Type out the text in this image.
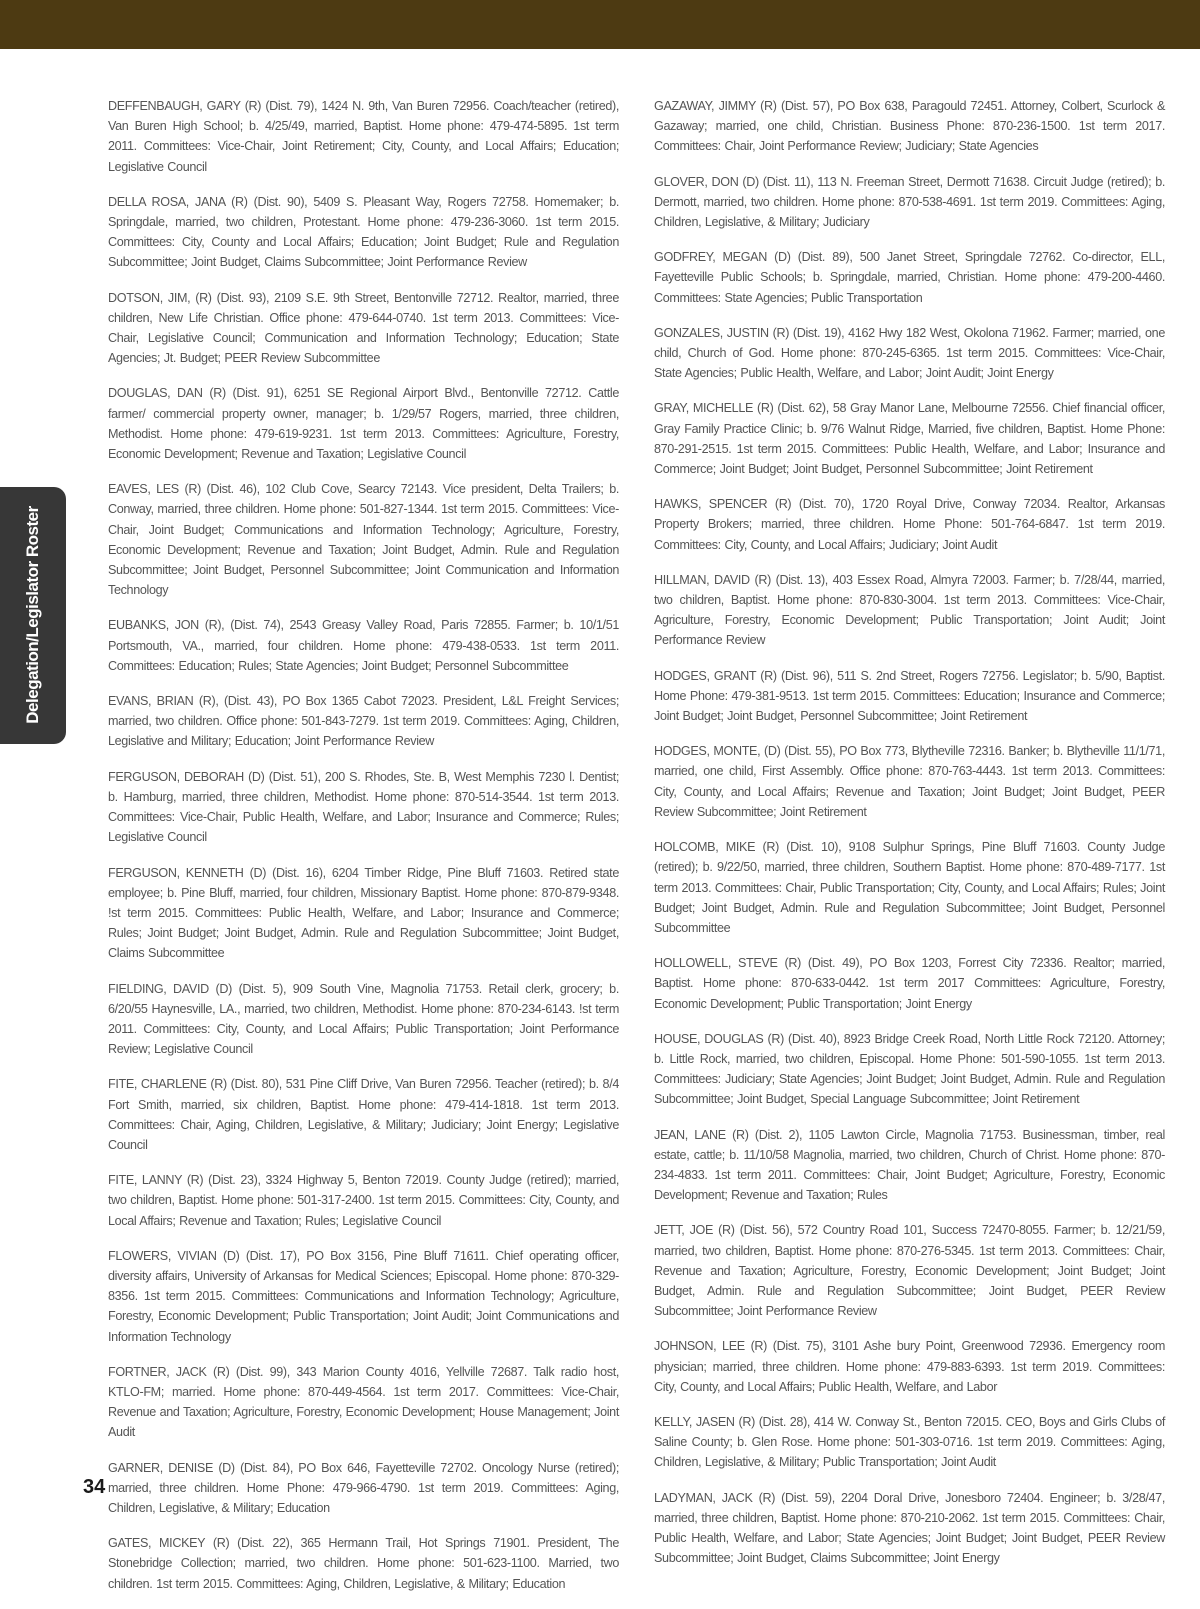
Delegation/Legislator Roster

DEFFENBAUGH, GARY (R) (Dist. 79), 1424 N. 9th, Van Buren 72956. Coach/teacher (retired), Van Buren High School; b. 4/25/49, married, Baptist. Home phone: 479-474-5895. 1st term 2011. Committees: Vice-Chair, Joint Retirement; City, County, and Local Affairs; Education; Legislative Council

DELLA ROSA, JANA (R) (Dist. 90), 5409 S. Pleasant Way, Rogers 72758. Homemaker; b. Springdale, married, two children, Protestant. Home phone: 479-236-3060. 1st term 2015. Committees: City, County and Local Affairs; Education; Joint Budget; Rule and Regulation Subcommittee; Joint Budget, Claims Subcommittee; Joint Performance Review

DOTSON, JIM, (R) (Dist. 93), 2109 S.E. 9th Street, Bentonville 72712. Realtor, married, three children, New Life Christian. Office phone: 479-644-0740. 1st term 2013. Committees: Vice-Chair, Legislative Council; Communication and Information Technology; Education; State Agencies; Jt. Budget; PEER Review Subcommittee

DOUGLAS, DAN (R) (Dist. 91), 6251 SE Regional Airport Blvd., Bentonville 72712. Cattle farmer/ commercial property owner, manager; b. 1/29/57 Rogers, married, three children, Methodist. Home phone: 479-619-9231. 1st term 2013. Committees: Agriculture, Forestry, Economic Development; Revenue and Taxation; Legislative Council

EAVES, LES (R) (Dist. 46), 102 Club Cove, Searcy 72143. Vice president, Delta Trailers; b. Conway, married, three children. Home phone: 501-827-1344. 1st term 2015. Committees: Vice-Chair, Joint Budget; Communications and Information Technology; Agriculture, Forestry, Economic Development; Revenue and Taxation; Joint Budget, Admin. Rule and Regulation Subcommittee; Joint Budget, Personnel Subcommittee; Joint Communication and Information Technology

EUBANKS, JON (R), (Dist. 74), 2543 Greasy Valley Road, Paris 72855. Farmer; b. 10/1/51 Portsmouth, VA., married, four children. Home phone: 479-438-0533. 1st term 2011. Committees: Education; Rules; State Agencies; Joint Budget; Personnel Subcommittee

EVANS, BRIAN (R), (Dist. 43), PO Box 1365 Cabot 72023. President, L&L Freight Services; married, two children. Office phone: 501-843-7279. 1st term 2019. Committees: Aging, Children, Legislative and Military; Education; Joint Performance Review

FERGUSON, DEBORAH (D) (Dist. 51), 200 S. Rhodes, Ste. B, West Memphis 7230 l. Dentist; b. Hamburg, married, three children, Methodist. Home phone: 870-514-3544. 1st term 2013. Committees: Vice-Chair, Public Health, Welfare, and Labor; Insurance and Commerce; Rules; Legislative Council

FERGUSON, KENNETH (D) (Dist. 16), 6204 Timber Ridge, Pine Bluff 71603. Retired state employee; b. Pine Bluff, married, four children, Missionary Baptist. Home phone: 870-879-9348. !st term 2015. Committees: Public Health, Welfare, and Labor; Insurance and Commerce; Rules; Joint Budget; Joint Budget, Admin. Rule and Regulation Subcommittee; Joint Budget, Claims Subcommittee

FIELDING, DAVID (D) (Dist. 5), 909 South Vine, Magnolia 71753. Retail clerk, grocery; b. 6/20/55 Haynesville, LA., married, two children, Methodist. Home phone: 870-234-6143. !st term 2011. Committees: City, County, and Local Affairs; Public Transportation; Joint Performance Review; Legislative Council

FITE, CHARLENE (R) (Dist. 80), 531 Pine Cliff Drive, Van Buren 72956. Teacher (retired); b. 8/4 Fort Smith, married, six children, Baptist. Home phone: 479-414-1818. 1st term 2013. Committees: Chair, Aging, Children, Legislative, & Military; Judiciary; Joint Energy; Legislative Council

FITE, LANNY (R) (Dist. 23), 3324 Highway 5, Benton 72019. County Judge (retired); married, two children, Baptist. Home phone: 501-317-2400. 1st term 2015. Committees: City, County, and Local Affairs; Revenue and Taxation; Rules; Legislative Council

FLOWERS, VIVIAN (D) (Dist. 17), PO Box 3156, Pine Bluff 71611. Chief operating officer, diversity affairs, University of Arkansas for Medical Sciences; Episcopal. Home phone: 870-329-8356. 1st term 2015. Committees: Communications and Information Technology; Agriculture, Forestry, Economic Development; Public Transportation; Joint Audit; Joint Communications and Information Technology

FORTNER, JACK (R) (Dist. 99), 343 Marion County 4016, Yellville 72687. Talk radio host, KTLO-FM; married. Home phone: 870-449-4564. 1st term 2017. Committees: Vice-Chair, Revenue and Taxation; Agriculture, Forestry, Economic Development; House Management; Joint Audit

GARNER, DENISE (D) (Dist. 84), PO Box 646, Fayetteville 72702. Oncology Nurse (retired); married, three children. Home Phone: 479-966-4790. 1st term 2019. Committees: Aging, Children, Legislative, & Military; Education

GATES, MICKEY (R) (Dist. 22), 365 Hermann Trail, Hot Springs 71901. President, The Stonebridge Collection; married, two children. Home phone: 501-623-1100. Married, two children. 1st term 2015. Committees: Aging, Children, Legislative, & Military; Education

GAZAWAY, JIMMY (R) (Dist. 57), PO Box 638, Paragould 72451. Attorney, Colbert, Scurlock & Gazaway; married, one child, Christian. Business Phone: 870-236-1500. 1st term 2017. Committees: Chair, Joint Performance Review; Judiciary; State Agencies

GLOVER, DON (D) (Dist. 11), 113 N. Freeman Street, Dermott 71638. Circuit Judge (retired); b. Dermott, married, two children. Home phone: 870-538-4691. 1st term 2019. Committees: Aging, Children, Legislative, & Military; Judiciary

GODFREY, MEGAN (D) (Dist. 89), 500 Janet Street, Springdale 72762. Co-director, ELL, Fayetteville Public Schools; b. Springdale, married, Christian. Home phone: 479-200-4460. Committees: State Agencies; Public Transportation

GONZALES, JUSTIN (R) (Dist. 19), 4162 Hwy 182 West, Okolona 71962. Farmer; married, one child, Church of God. Home phone: 870-245-6365. 1st term 2015. Committees: Vice-Chair, State Agencies; Public Health, Welfare, and Labor; Joint Audit; Joint Energy

GRAY, MICHELLE (R) (Dist. 62), 58 Gray Manor Lane, Melbourne 72556. Chief financial officer, Gray Family Practice Clinic; b. 9/76 Walnut Ridge, Married, five children, Baptist. Home Phone: 870-291-2515. 1st term 2015. Committees: Public Health, Welfare, and Labor; Insurance and Commerce; Joint Budget; Joint Budget, Personnel Subcommittee; Joint Retirement

HAWKS, SPENCER (R) (Dist. 70), 1720 Royal Drive, Conway 72034. Realtor, Arkansas Property Brokers; married, three children. Home Phone: 501-764-6847. 1st term 2019. Committees: City, County, and Local Affairs; Judiciary; Joint Audit

HILLMAN, DAVID (R) (Dist. 13), 403 Essex Road, Almyra 72003. Farmer; b. 7/28/44, married, two children, Baptist. Home phone: 870-830-3004. 1st term 2013. Committees: Vice-Chair, Agriculture, Forestry, Economic Development; Public Transportation; Joint Audit; Joint Performance Review

HODGES, GRANT (R) (Dist. 96), 511 S. 2nd Street, Rogers 72756. Legislator; b. 5/90, Baptist. Home Phone: 479-381-9513. 1st term 2015. Committees: Education; Insurance and Commerce; Joint Budget; Joint Budget, Personnel Subcommittee; Joint Retirement

HODGES, MONTE, (D) (Dist. 55), PO Box 773, Blytheville 72316. Banker; b. Blytheville 11/1/71, married, one child, First Assembly. Office phone: 870-763-4443. 1st term 2013. Committees: City, County, and Local Affairs; Revenue and Taxation; Joint Budget; Joint Budget, PEER Review Subcommittee; Joint Retirement

HOLCOMB, MIKE (R) (Dist. 10), 9108 Sulphur Springs, Pine Bluff 71603. County Judge (retired); b. 9/22/50, married, three children, Southern Baptist. Home phone: 870-489-7177. 1st term 2013. Committees: Chair, Public Transportation; City, County, and Local Affairs; Rules; Joint Budget; Joint Budget, Admin. Rule and Regulation Subcommittee; Joint Budget, Personnel Subcommittee

HOLLOWELL, STEVE (R) (Dist. 49), PO Box 1203, Forrest City 72336. Realtor; married, Baptist. Home phone: 870-633-0442. 1st term 2017 Committees: Agriculture, Forestry, Economic Development; Public Transportation; Joint Energy

HOUSE, DOUGLAS (R) (Dist. 40), 8923 Bridge Creek Road, North Little Rock 72120. Attorney; b. Little Rock, married, two children, Episcopal. Home Phone: 501-590-1055. 1st term 2013. Committees: Judiciary; State Agencies; Joint Budget; Joint Budget, Admin. Rule and Regulation Subcommittee; Joint Budget, Special Language Subcommittee; Joint Retirement

JEAN, LANE (R) (Dist. 2), 1105 Lawton Circle, Magnolia 71753. Businessman, timber, real estate, cattle; b. 11/10/58 Magnolia, married, two children, Church of Christ. Home phone: 870-234-4833. 1st term 2011. Committees: Chair, Joint Budget; Agriculture, Forestry, Economic Development; Revenue and Taxation; Rules

JETT, JOE (R) (Dist. 56), 572 Country Road 101, Success 72470-8055. Farmer; b. 12/21/59, married, two children, Baptist. Home phone: 870-276-5345. 1st term 2013. Committees: Chair, Revenue and Taxation; Agriculture, Forestry, Economic Development; Joint Budget; Joint Budget, Admin. Rule and Regulation Subcommittee; Joint Budget, PEER Review Subcommittee; Joint Performance Review

JOHNSON, LEE (R) (Dist. 75), 3101 Ashe bury Point, Greenwood 72936. Emergency room physician; married, three children. Home phone: 479-883-6393. 1st term 2019. Committees: City, County, and Local Affairs; Public Health, Welfare, and Labor

KELLY, JASEN (R) (Dist. 28), 414 W. Conway St., Benton 72015. CEO, Boys and Girls Clubs of Saline County; b. Glen Rose. Home phone: 501-303-0716. 1st term 2019. Committees: Aging, Children, Legislative, & Military; Public Transportation; Joint Audit

LADYMAN, JACK (R) (Dist. 59), 2204 Doral Drive, Jonesboro 72404. Engineer; b. 3/28/47, married, three children, Baptist. Home phone: 870-210-2062. 1st term 2015. Committees: Chair, Public Health, Welfare, and Labor; State Agencies; Joint Budget; Joint Budget, PEER Review Subcommittee; Joint Budget, Claims Subcommittee; Joint Energy

34
